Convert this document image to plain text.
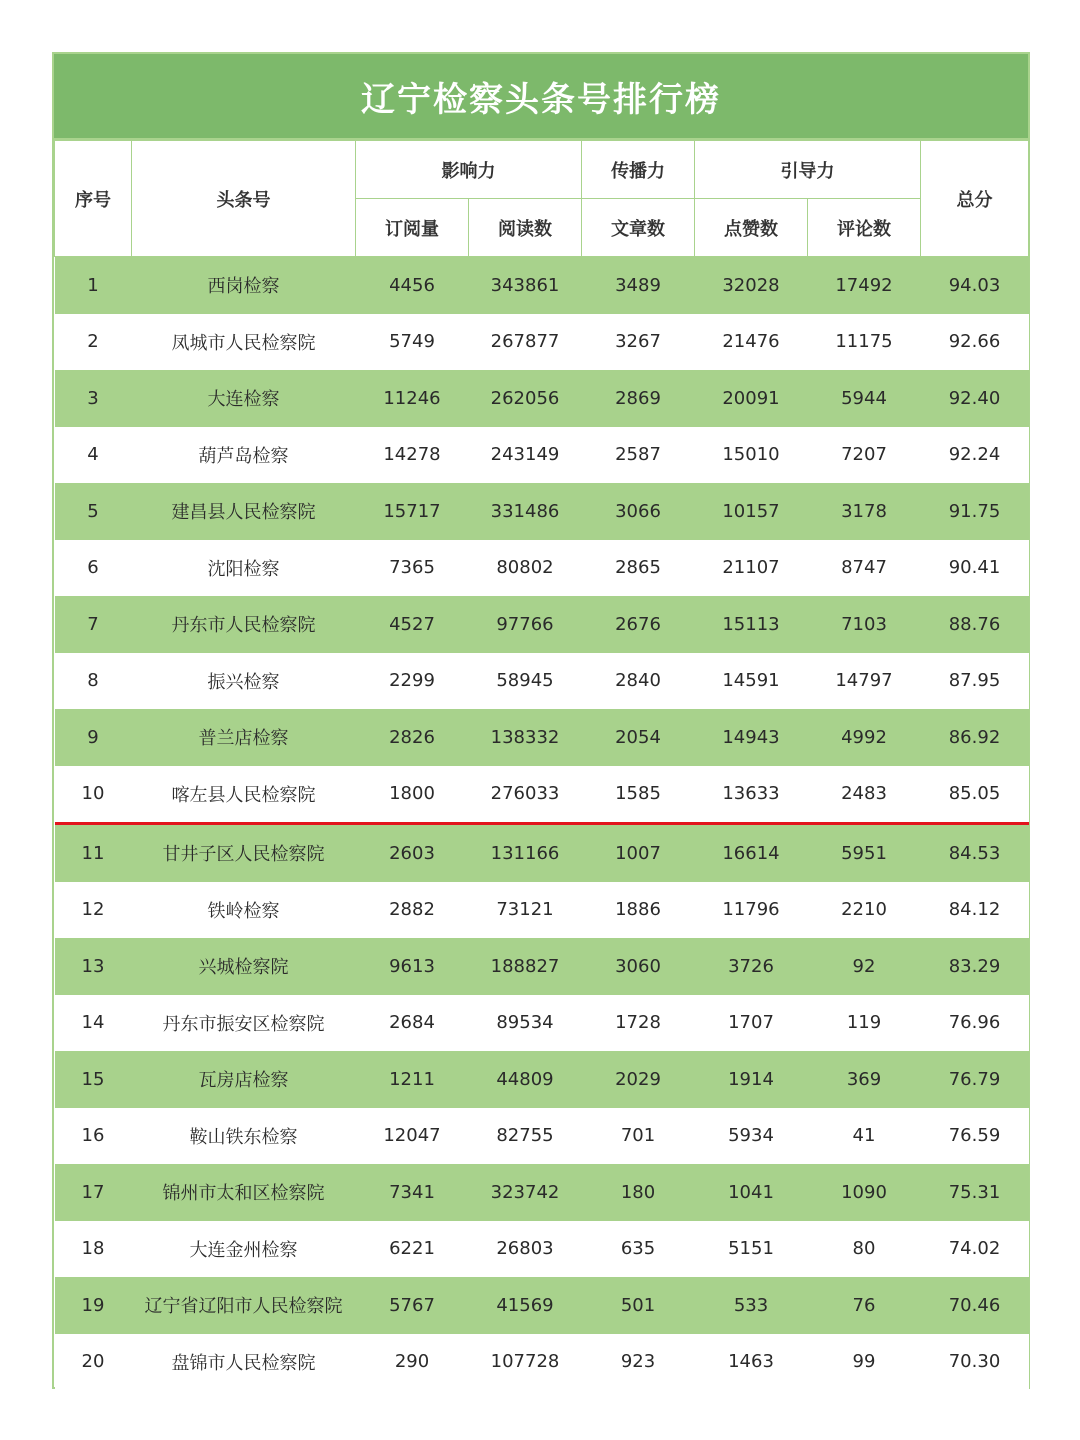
辽宁检察头条号排行榜
序号	头条号	影响力		传播力	引导力		总分
		订阅量	阅读数	文章数	点赞数	评论数	
1	西岗检察	4456	343861	3489	32028	17492	94.03
2	凤城市人民检察院	5749	267877	3267	21476	11175	92.66
3	大连检察	11246	262056	2869	20091	5944	92.40
4	葫芦岛检察	14278	243149	2587	15010	7207	92.24
5	建昌县人民检察院	15717	331486	3066	10157	3178	91.75
6	沈阳检察	7365	80802	2865	21107	8747	90.41
7	丹东市人民检察院	4527	97766	2676	15113	7103	88.76
8	振兴检察	2299	58945	2840	14591	14797	87.95
9	普兰店检察	2826	138332	2054	14943	4992	86.92
10	喀左县人民检察院	1800	276033	1585	13633	2483	85.05
11	甘井子区人民检察院	2603	131166	1007	16614	5951	84.53
12	铁岭检察	2882	73121	1886	11796	2210	84.12
13	兴城检察院	9613	188827	3060	3726	92	83.29
14	丹东市振安区检察院	2684	89534	1728	1707	119	76.96
15	瓦房店检察	1211	44809	2029	1914	369	76.79
16	鞍山铁东检察	12047	82755	701	5934	41	76.59
17	锦州市太和区检察院	7341	323742	180	1041	1090	75.31
18	大连金州检察	6221	26803	635	5151	80	74.02
19	辽宁省辽阳市人民检察院	5767	41569	501	533	76	70.46
20	盘锦市人民检察院	290	107728	923	1463	99	70.30
